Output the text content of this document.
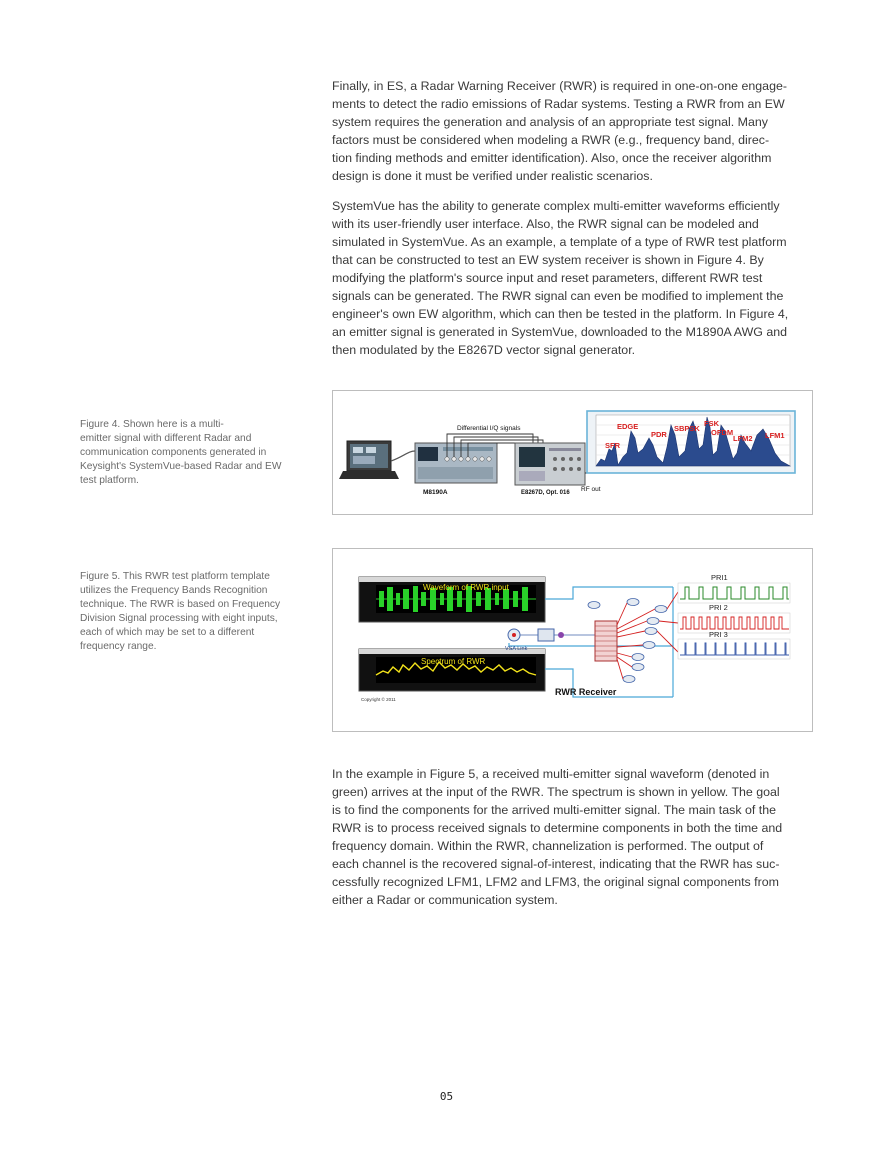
Finally, in ES, a Radar Warning Receiver (RWR) is required in one-on-one engage-
ments to detect the radio emissions of Radar systems. Testing a RWR from an EW
system requires the generation and analysis of an appropriate test signal. Many
factors must be considered when modeling a RWR (e.g., frequency band, direc-
tion finding methods and emitter identification). Also, once the receiver algorithm
design is done it must be verified under realistic scenarios.
SystemVue has the ability to generate complex multi-emitter waveforms efficiently
with its user-friendly user interface. Also, the RWR signal can be modeled and
simulated in SystemVue. As an example, a template of a type of RWR test platform
that can be constructed to test an EW system receiver is shown in Figure 4. By
modifying the platform's source input and reset parameters, different RWR test
signals can be generated. The RWR signal can even be modified to implement the
engineer's own EW algorithm, which can then be tested in the platform. In Figure 4,
an emitter signal is generated in SystemVue, downloaded to the M1890A AWG and
then modulated by the E8267D vector signal generator.
Figure 4. Shown here is a multi-
emitter signal with different Radar and
communication components generated in
Keysight's SystemVue-based Radar and EW
test platform.
M8190A
Differential I/Q signals
E8267D, Opt. 016 RF out
EDGE
PDR
SBPSK
FSK
OFDM
LFM2 LFM1
SFR
Figure 5. This RWR test platform template
utilizes the Frequency Bands Recognition
technique. The RWR is based on Frequency
Division Signal processing with eight inputs,
each of which may be set to a different
frequency range.
Waveform of RWR input
Spectrum of RWR
Copyright © 2011
VSA Link
RWR Receiver
PRI1
PRI 2
PRI 3
In the example in Figure 5, a received multi-emitter signal waveform (denoted in
green) arrives at the input of the RWR. The spectrum is shown in yellow. The goal
is to find the components for the arrived multi-emitter signal. The main task of the
RWR is to process received signals to determine components in both the time and
frequency domain. Within the RWR, channelization is performed. The output of
each channel is the recovered signal-of-interest, indicating that the RWR has suc-
cessfully recognized LFM1, LFM2 and LFM3, the original signal components from
either a Radar or communication system.
05
